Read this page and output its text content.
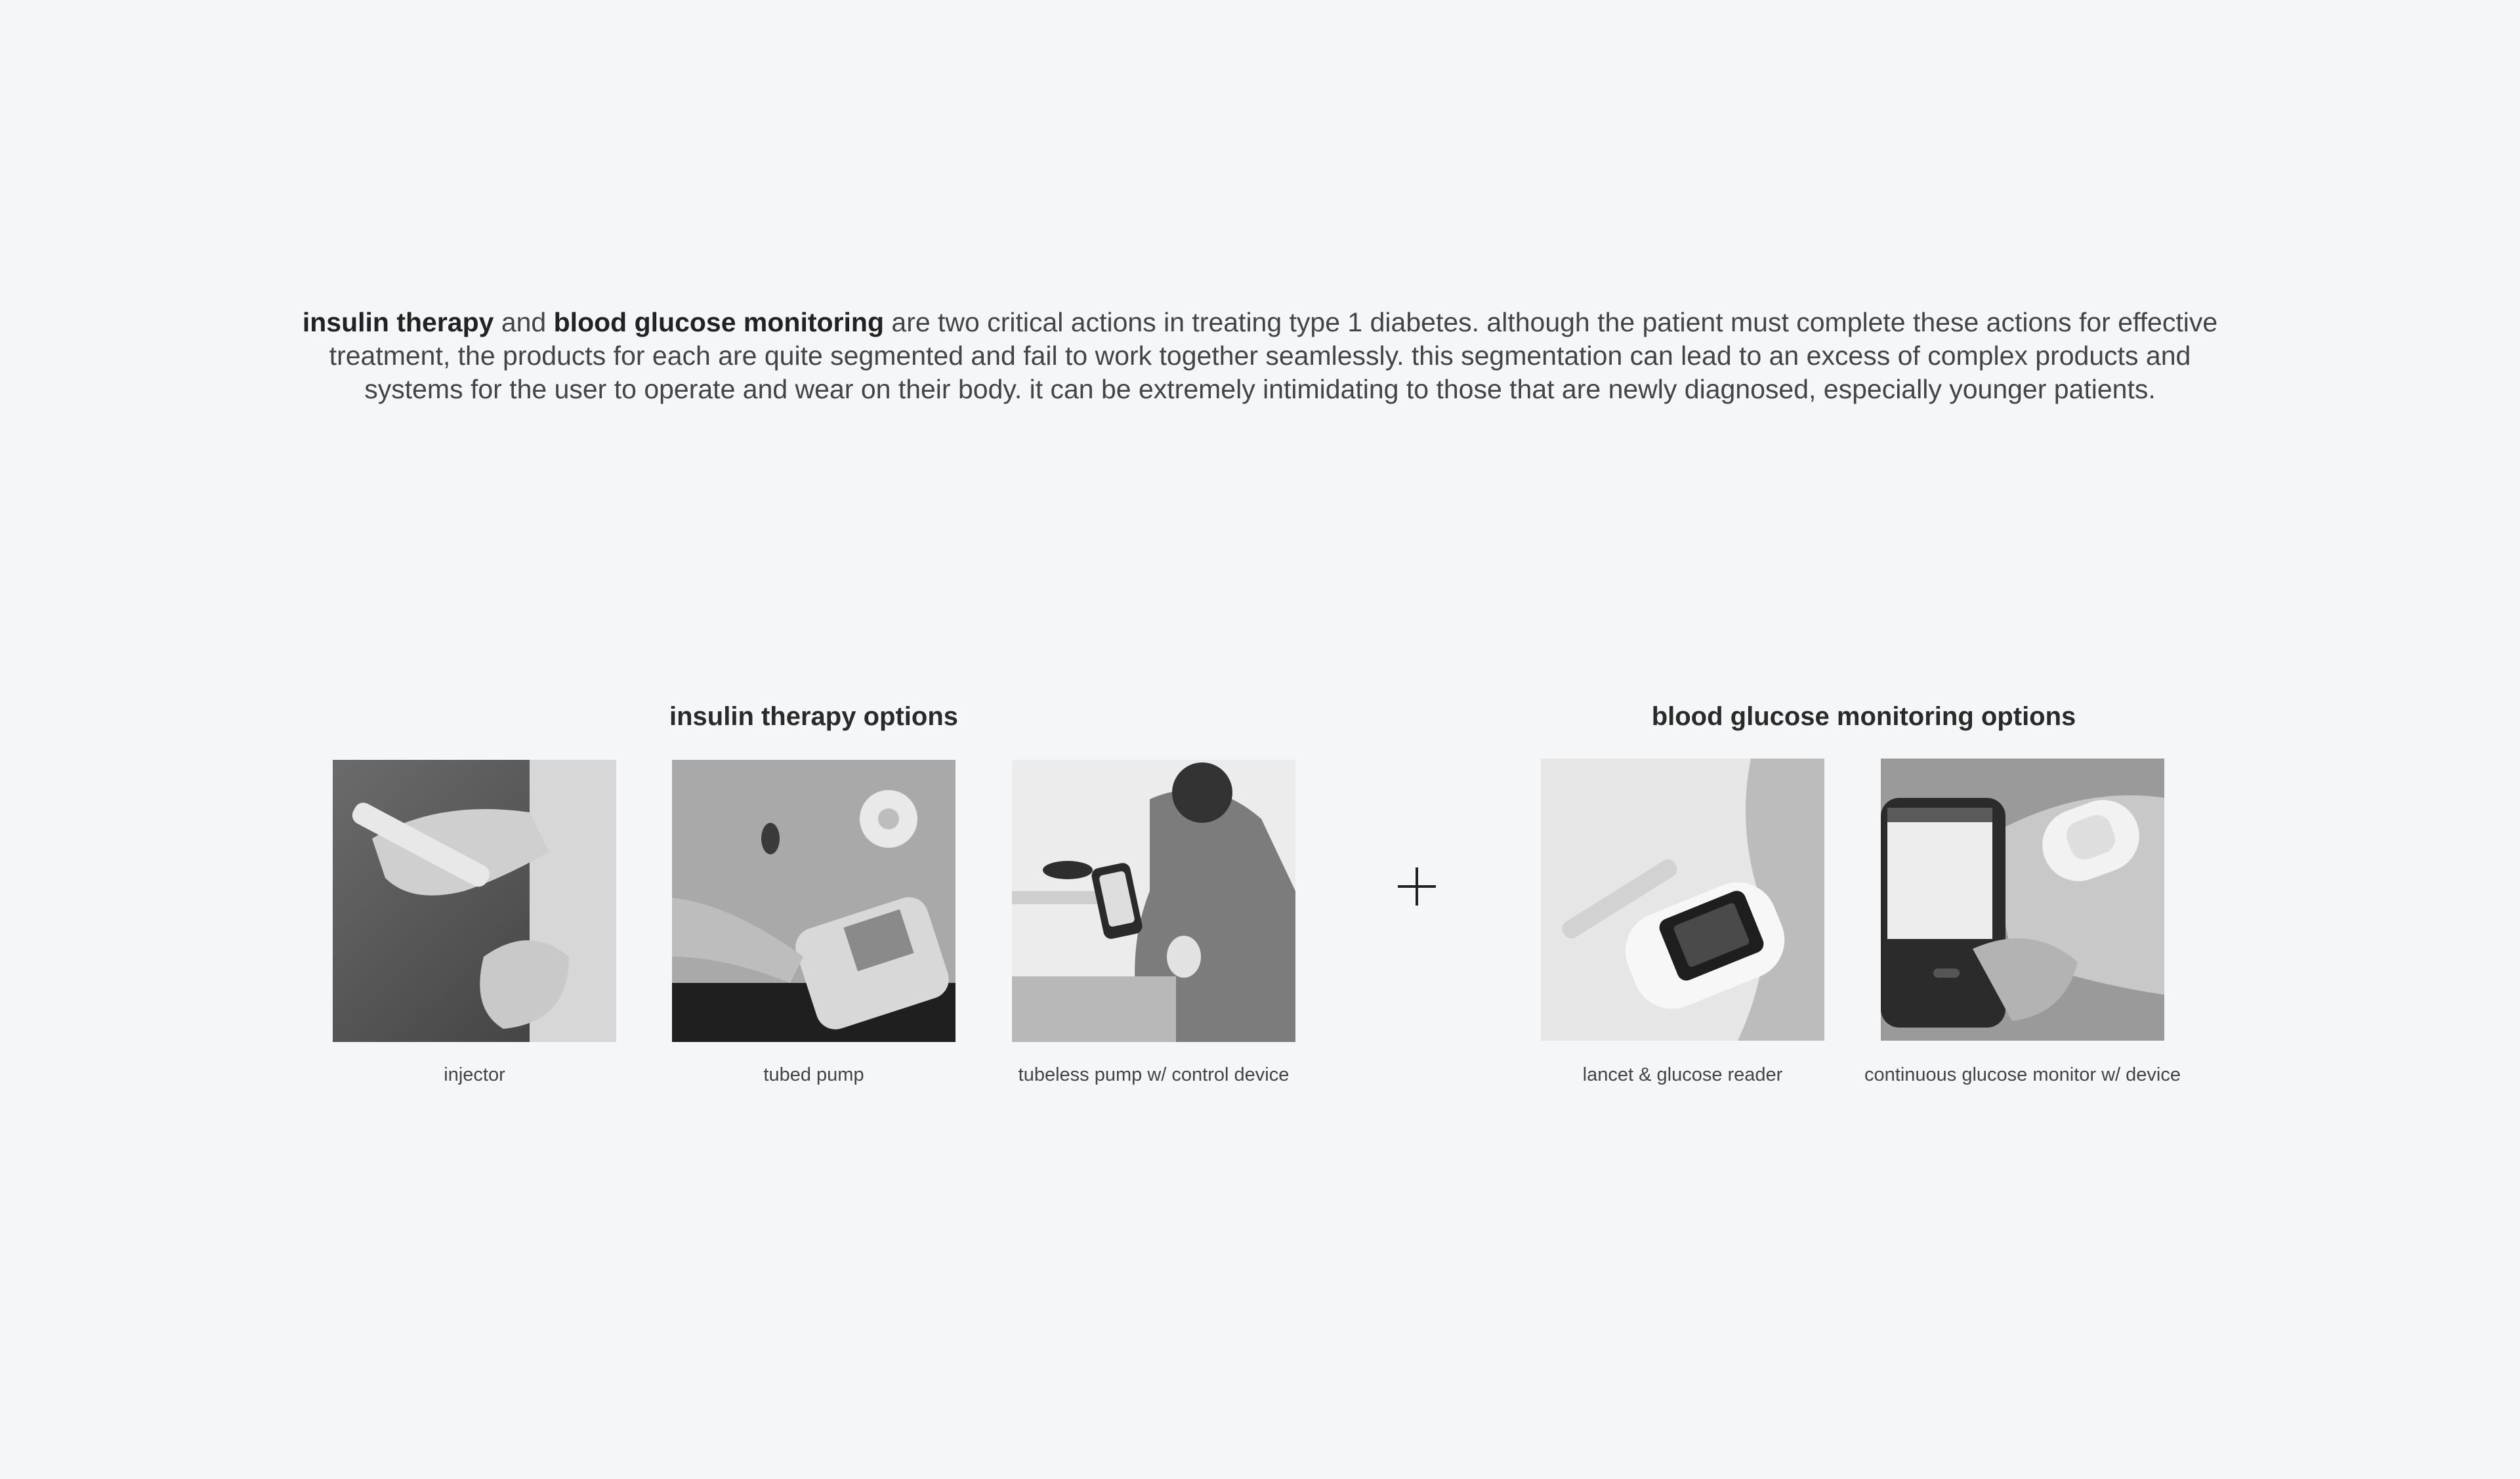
insulin therapy and blood glucose monitoring are two critical actions in treating type 1 diabetes. although the patient must complete these actions for effective treatment, the products for each are quite segmented and fail to work together seamlessly. this segmentation can lead to an excess of complex products and systems for the user to operate and wear on their body. it can be extremely intimidating to those that are newly diagnosed, especially younger patients.

insulin therapy options
injector	tubed pump	tubeless pump w/ control device
blood glucose monitoring options
lancet & glucose reader	continuous glucose monitor w/ device
